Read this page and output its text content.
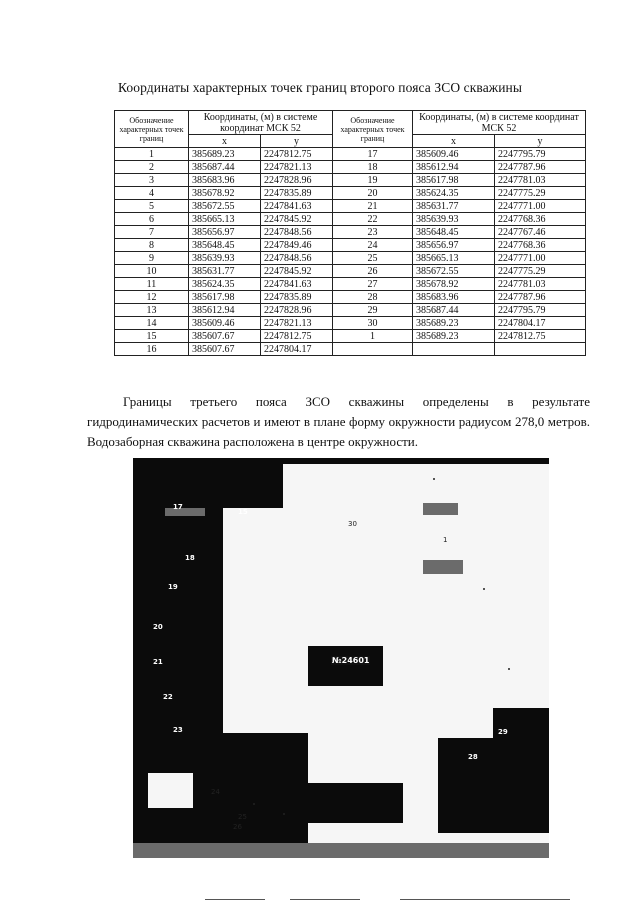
Координаты характерных точек границ второго пояса ЗСО скважины
Обозначение характерных точек границ	Координаты, (м) в системе координат МСК 52		Обозначение характерных точек границ	Координаты, (м) в системе координат МСК 52	
	x	y		x	y
1	385689.23	2247812.75	17	385609.46	2247795.79
2	385687.44	2247821.13	18	385612.94	2247787.96
3	385683.96	2247828.96	19	385617.98	2247781.03
4	385678.92	2247835.89	20	385624.35	2247775.29
5	385672.55	2247841.63	21	385631.77	2247771.00
6	385665.13	2247845.92	22	385639.93	2247768.36
7	385656.97	2247848.56	23	385648.45	2247767.46
8	385648.45	2247849.46	24	385656.97	2247768.36
9	385639.93	2247848.56	25	385665.13	2247771.00
10	385631.77	2247845.92	26	385672.55	2247775.29
11	385624.35	2247841.63	27	385678.92	2247781.03
12	385617.98	2247835.89	28	385683.96	2247787.96
13	385612.94	2247828.96	29	385687.44	2247795.79
14	385609.46	2247821.13	30	385689.23	2247804.17
15	385607.67	2247812.75	1	385689.23	2247812.75
16	385607.67	2247804.17			
Границы третьего пояса ЗСО скважины определены в результате гидродинамических расчетов и имеют в плане форму окружности радиусом 278,0 метров. Водозаборная скважина расположена в центре окружности.
№24601
15
17
18
19
20
21
22
23
24
25
26
28
29
30
1
